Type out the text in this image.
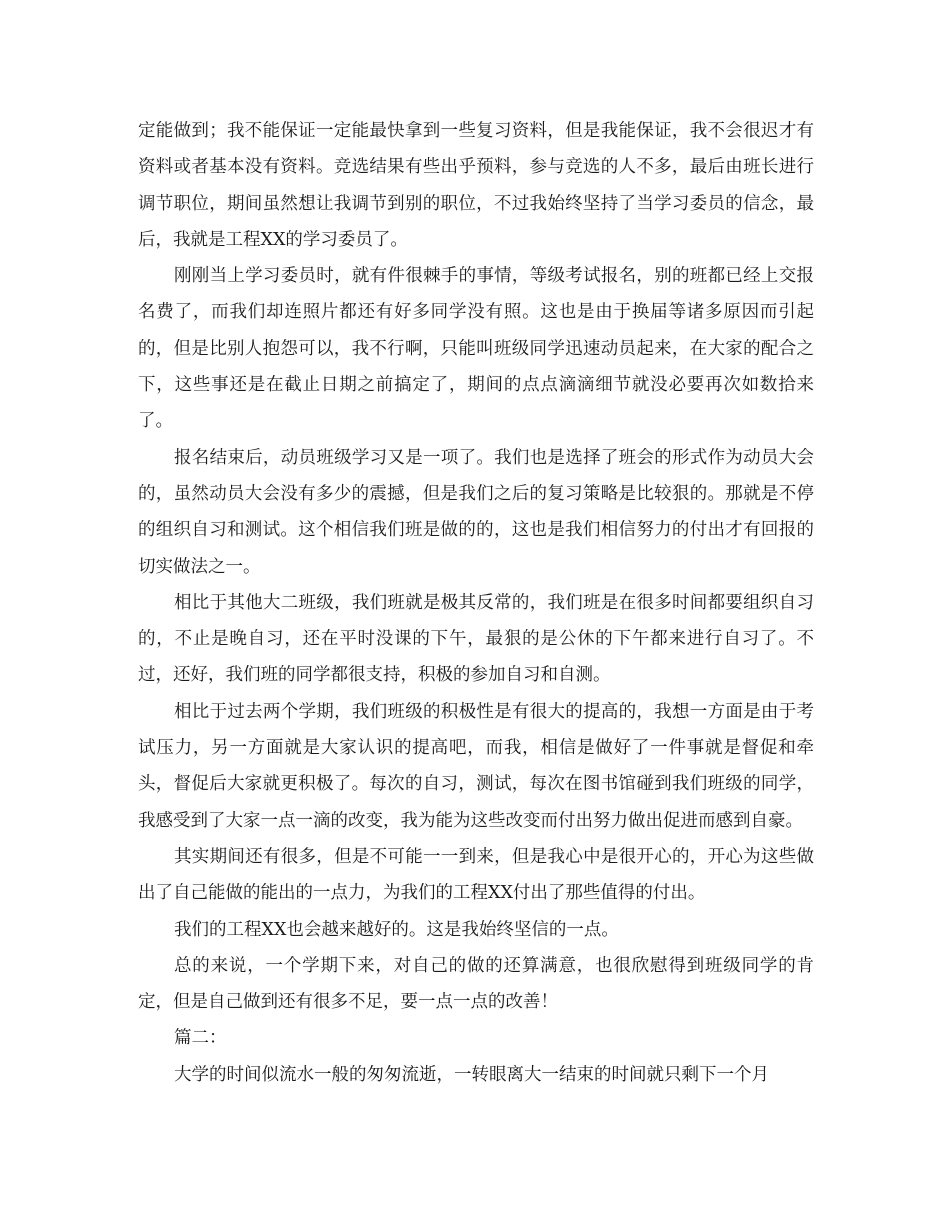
定能做到；我不能保证一定能最快拿到一些复习资料，但是我能保证，我不会很迟才有资料或者基本没有资料。竞选结果有些出乎预料，参与竞选的人不多，最后由班长进行调节职位，期间虽然想让我调节到别的职位，不过我始终坚持了当学习委员的信念，最后，我就是工程XX的学习委员了。

刚刚当上学习委员时，就有件很棘手的事情，等级考试报名，别的班都已经上交报名费了，而我们却连照片都还有好多同学没有照。这也是由于换届等诸多原因而引起的，但是比别人抱怨可以，我不行啊，只能叫班级同学迅速动员起来，在大家的配合之下，这些事还是在截止日期之前搞定了，期间的点点滴滴细节就没必要再次如数拾来了。

报名结束后，动员班级学习又是一项了。我们也是选择了班会的形式作为动员大会的，虽然动员大会没有多少的震撼，但是我们之后的复习策略是比较狠的。那就是不停的组织自习和测试。这个相信我们班是做的的，这也是我们相信努力的付出才有回报的切实做法之一。

相比于其他大二班级，我们班就是极其反常的，我们班是在很多时间都要组织自习的，不止是晚自习，还在平时没课的下午，最狠的是公休的下午都来进行自习了。不过，还好，我们班的同学都很支持，积极的参加自习和自测。

相比于过去两个学期，我们班级的积极性是有很大的提高的，我想一方面是由于考试压力，另一方面就是大家认识的提高吧，而我，相信是做好了一件事就是督促和牵头，督促后大家就更积极了。每次的自习，测试，每次在图书馆碰到我们班级的同学，我感受到了大家一点一滴的改变，我为能为这些改变而付出努力做出促进而感到自豪。

其实期间还有很多，但是不可能一一到来，但是我心中是很开心的，开心为这些做出了自己能做的能出的一点力，为我们的工程XX付出了那些值得的付出。

我们的工程XX也会越来越好的。这是我始终坚信的一点。

总的来说，一个学期下来，对自己的做的还算满意，也很欣慰得到班级同学的肯定，但是自己做到还有很多不足，要一点一点的改善！

篇二：

大学的时间似流水一般的匆匆流逝，一转眼离大一结束的时间就只剩下一个月
